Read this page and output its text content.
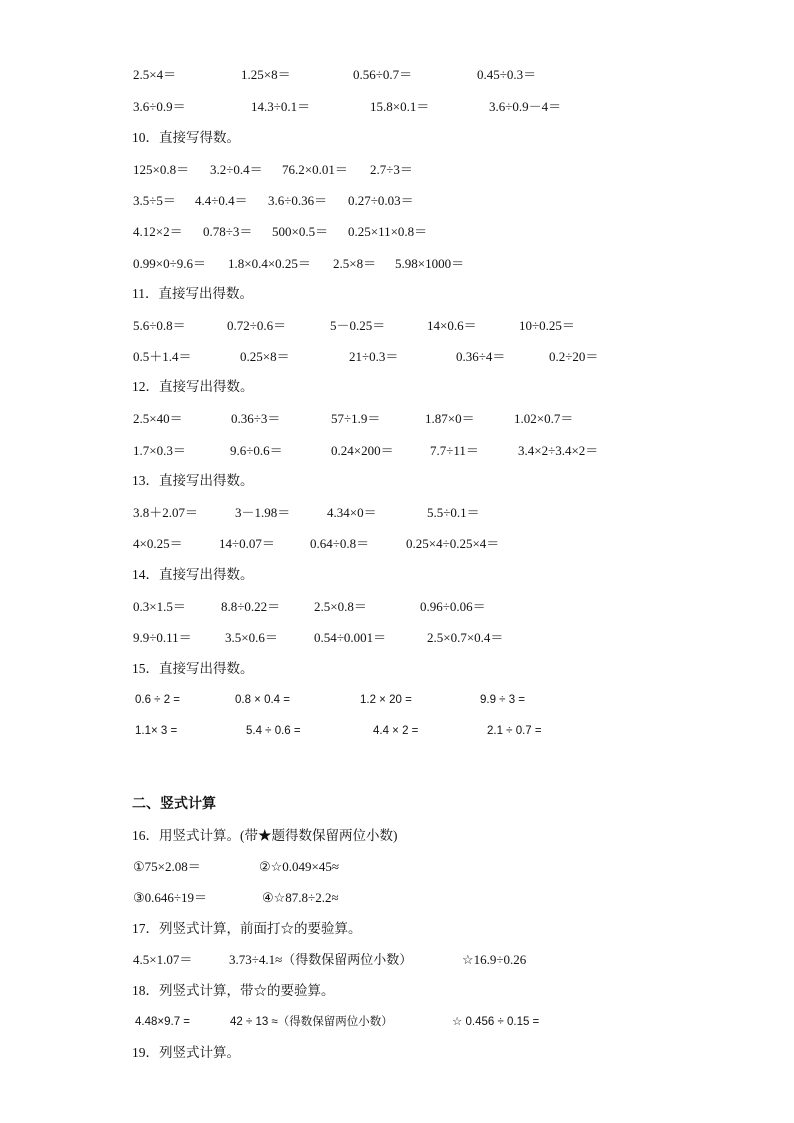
2.5×4＝	1.25×8＝	0.56÷0.7＝	0.45÷0.3＝
3.6÷0.9＝	14.3÷0.1＝	15.8×0.1＝	3.6÷0.9－4＝
10．直接写得数。
125×0.8＝ 3.2÷0.4＝ 76.2×0.01＝ 2.7÷3＝
3.5÷5＝ 4.4÷0.4＝ 3.6÷0.36＝ 0.27÷0.03＝
4.12×2＝ 0.78÷3＝ 500×0.5＝ 0.25×11×0.8＝
0.99×0÷9.6＝ 1.8×0.4×0.25＝ 2.5×8＝ 5.98×1000＝
11．直接写出得数。
5.6÷0.8＝	0.72÷0.6＝	5－0.25＝	14×0.6＝	10÷0.25＝
0.5＋1.4＝	0.25×8＝	21÷0.3＝	0.36÷4＝	0.2÷20＝
12．直接写出得数。
2.5×40＝	0.36÷3＝	57÷1.9＝	1.87×0＝	1.02×0.7＝
1.7×0.3＝	9.6÷0.6＝	0.24×200＝	7.7÷11＝	3.4×2÷3.4×2＝
13．直接写出得数。
3.8＋2.07＝	3－1.98＝	4.34×0＝	5.5÷0.1＝
4×0.25＝	14÷0.07＝	0.64÷0.8＝	0.25×4÷0.25×4＝
14．直接写出得数。
0.3×1.5＝	8.8÷0.22＝	2.5×0.8＝	0.96÷0.06＝
9.9÷0.11＝	3.5×0.6＝	0.54÷0.001＝	2.5×0.7×0.4＝
15．直接写出得数。
0.6 ÷ 2 =	0.8 × 0.4 =	1.2 × 20 =	9.9 ÷ 3 =
1.1× 3 =	5.4 ÷ 0.6 =	4.4 × 2 =	2.1 ÷ 0.7 =
二、竖式计算
16．用竖式计算。(带★题得数保留两位小数)
①75×2.08＝	②☆0.049×45≈
③0.646÷19＝	④☆87.8÷2.2≈
17．列竖式计算，前面打☆的要验算。
4.5×1.07＝	3.73÷4.1≈（得数保留两位小数）	☆16.9÷0.26
18．列竖式计算，带☆的要验算。
4.48×9.7 =	42 ÷ 13 ≈（得数保留两位小数）	☆ 0.456 ÷ 0.15 =
19．列竖式计算。
